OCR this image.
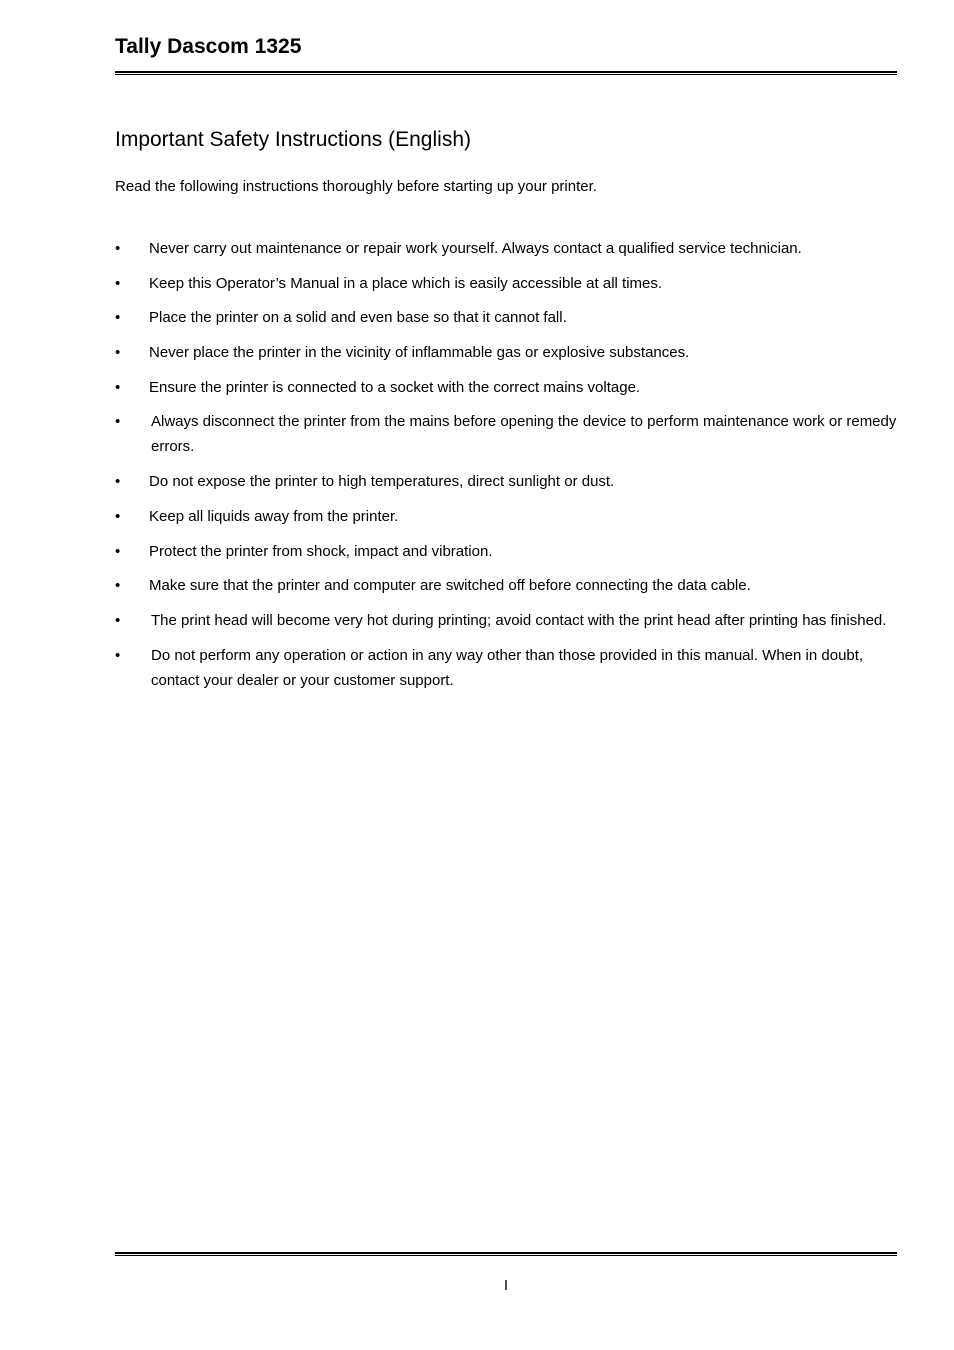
Tally Dascom 1325
Important Safety Instructions (English)
Read the following instructions thoroughly before starting up your printer.
•	Never carry out maintenance or repair work yourself. Always contact a qualified service technician.
•	Keep this Operator’s Manual in a place which is easily accessible at all times.
•	Place the printer on a solid and even base so that it cannot fall.
•	Never place the printer in the vicinity of inflammable gas or explosive substances.
•	Ensure the printer is connected to a socket with the correct mains voltage.
•	Always disconnect the printer from the mains before opening the device to perform maintenance work or remedy errors.
•	Do not expose the printer to high temperatures, direct sunlight or dust.
•	Keep all liquids away from the printer.
•	Protect the printer from shock, impact and vibration.
•	Make sure that the printer and computer are switched off before connecting the data cable.
•	The print head will become very hot during printing; avoid contact with the print head after printing has finished.
•	Do not perform any operation or action in any way other than those provided in this manual. When in doubt, contact your dealer or your customer support.
I
